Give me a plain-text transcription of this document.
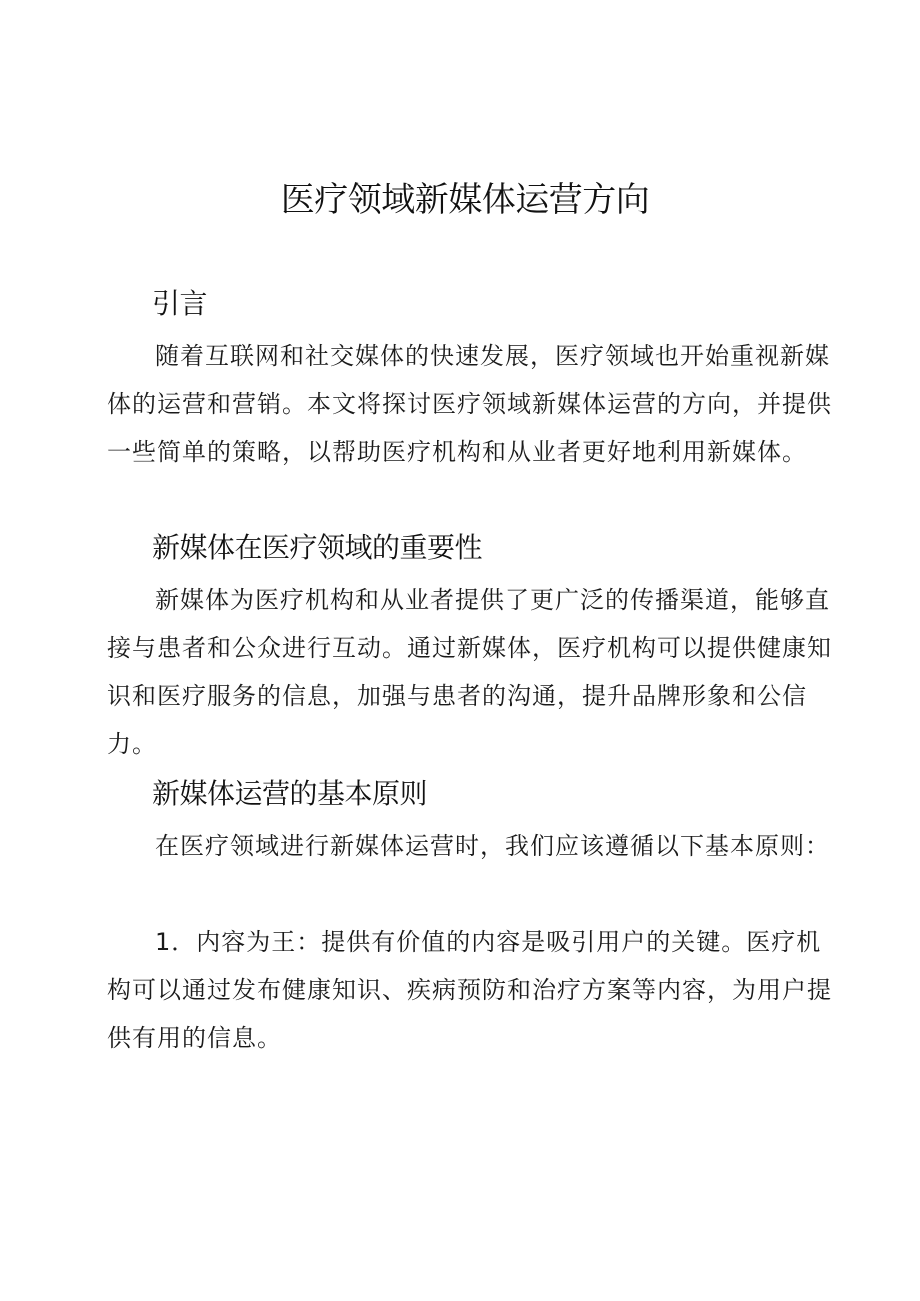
医疗领域新媒体运营方向
引言

随着互联网和社交媒体的快速发展，医疗领域也开始重视新媒体的运营和营销。本文将探讨医疗领域新媒体运营的方向，并提供一些简单的策略，以帮助医疗机构和从业者更好地利用新媒体。

新媒体在医疗领域的重要性

新媒体为医疗机构和从业者提供了更广泛的传播渠道，能够直接与患者和公众进行互动。通过新媒体，医疗机构可以提供健康知识和医疗服务的信息，加强与患者的沟通，提升品牌形象和公信力。

新媒体运营的基本原则

在医疗领域进行新媒体运营时，我们应该遵循以下基本原则：

1．内容为王：提供有价值的内容是吸引用户的关键。医疗机构可以通过发布健康知识、疾病预防和治疗方案等内容，为用户提供有用的信息。
